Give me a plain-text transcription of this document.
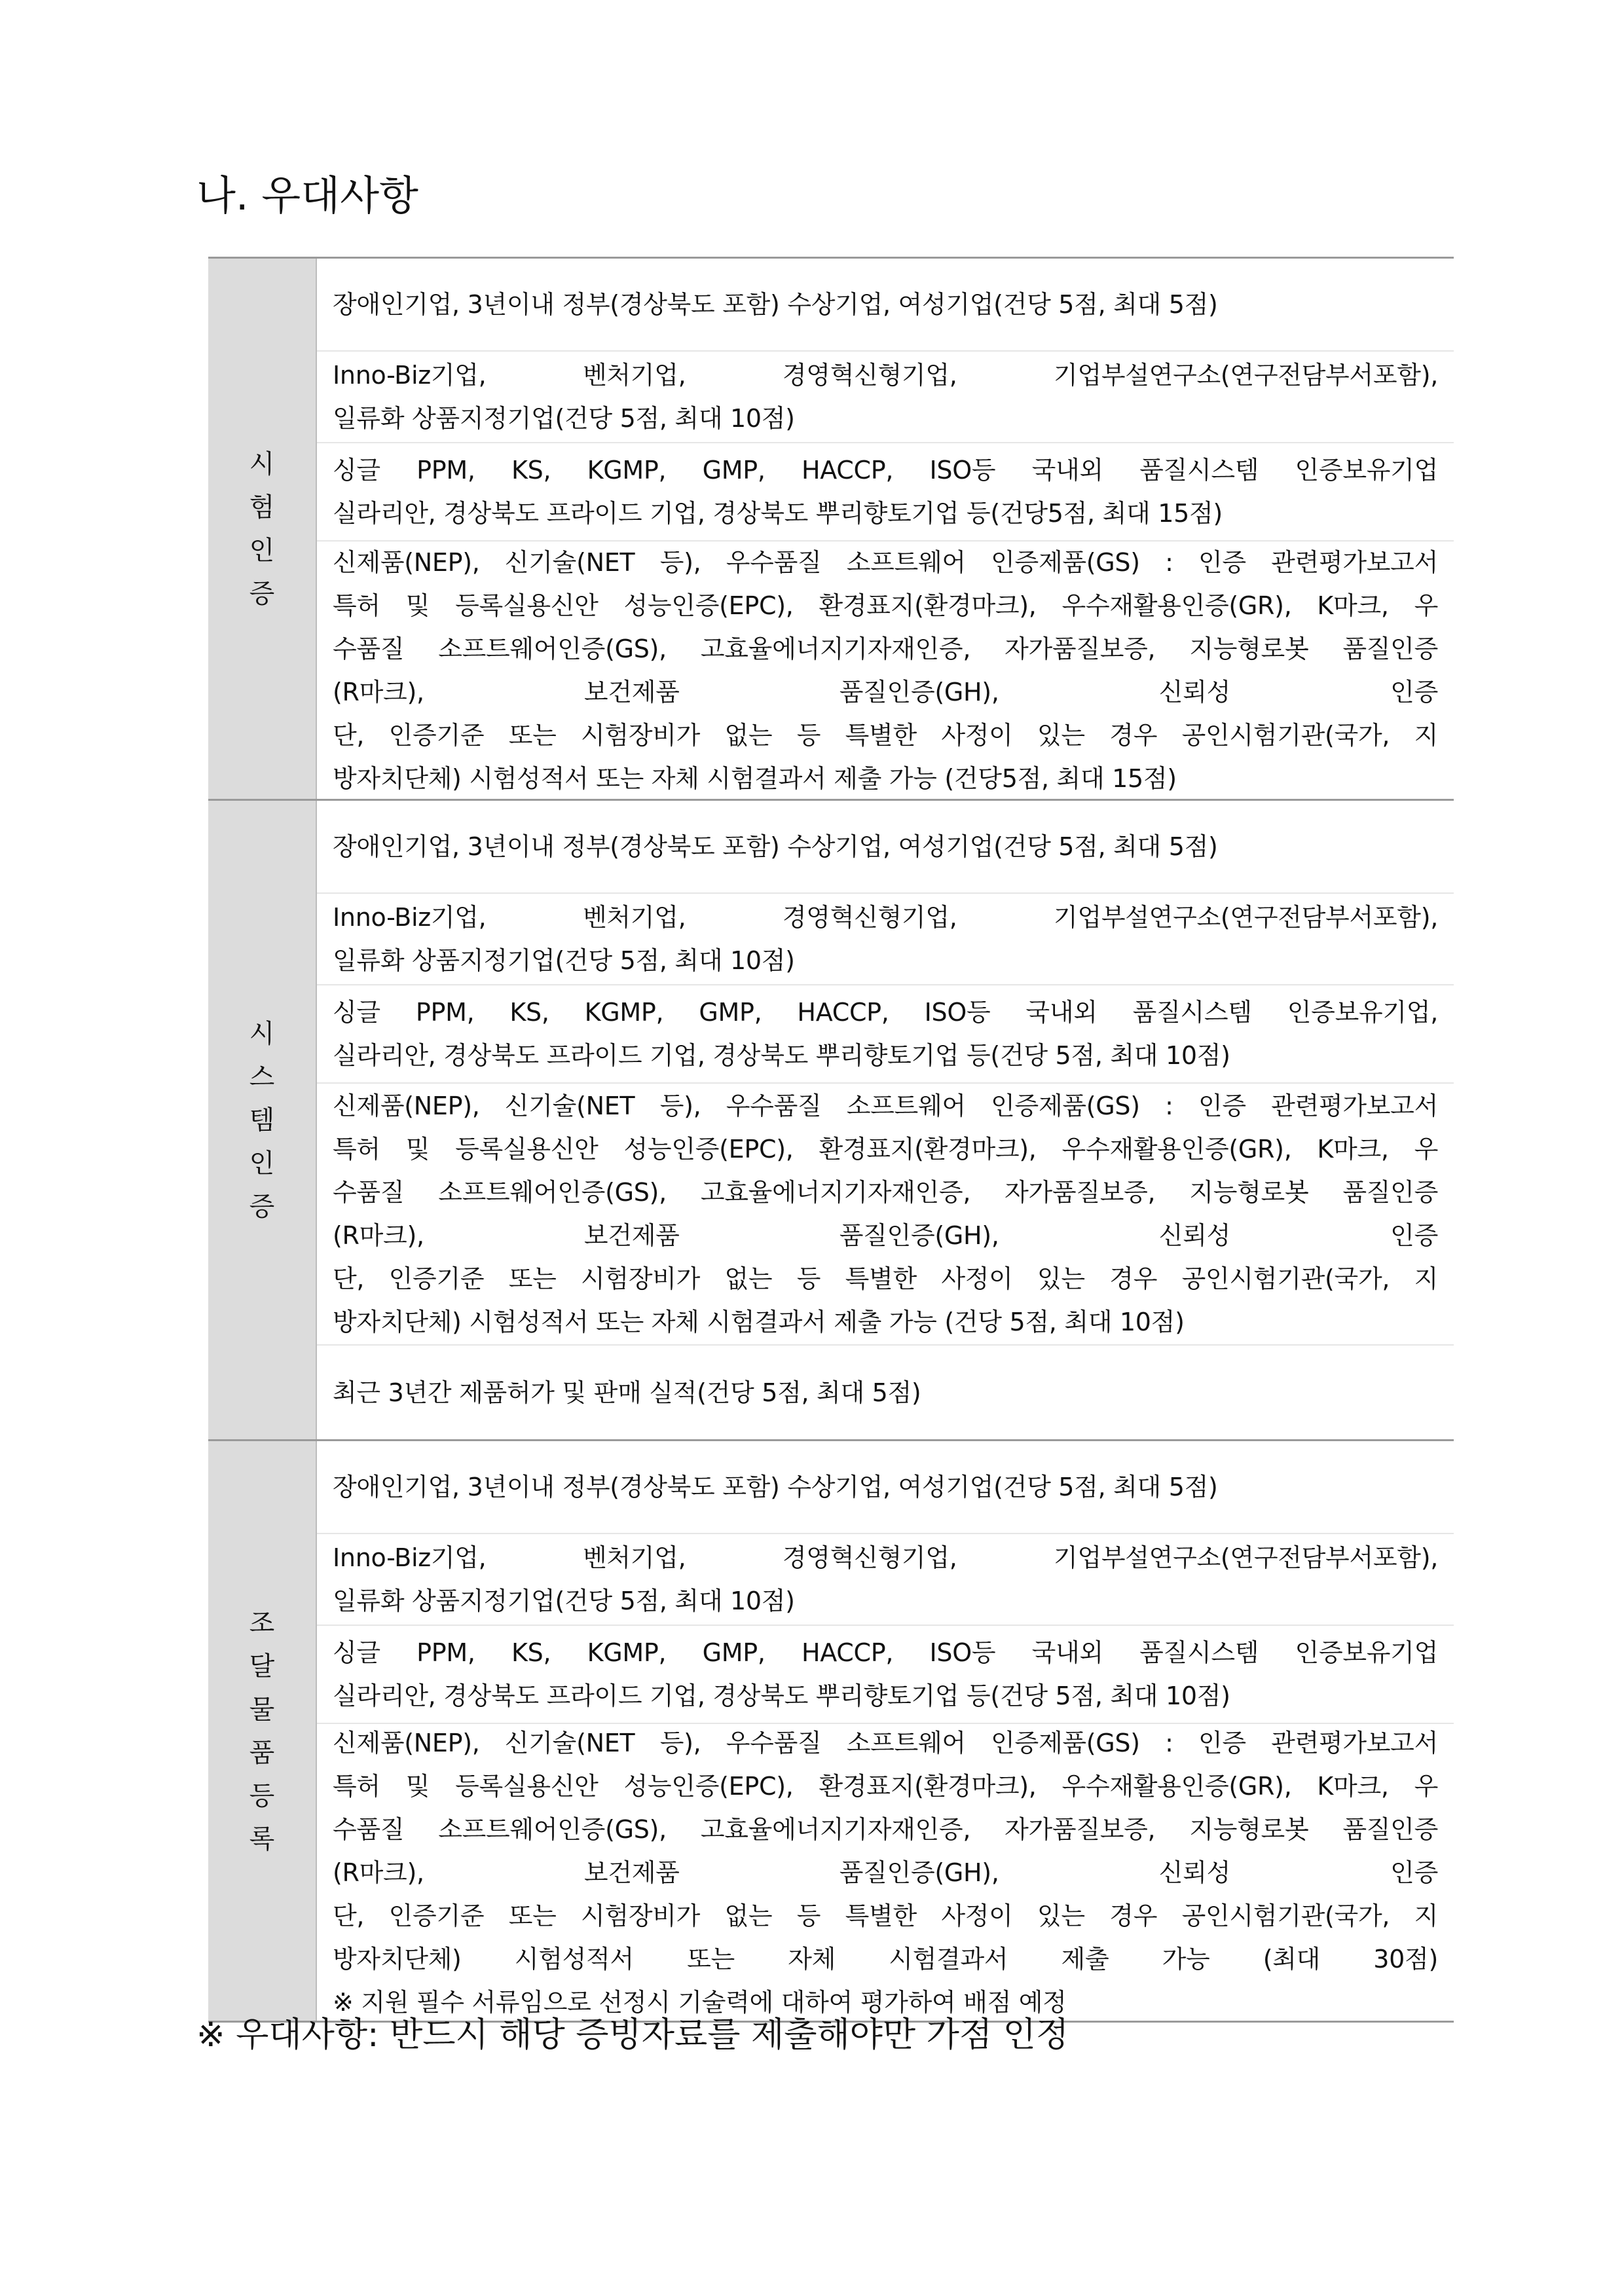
나. 우대사항
시험인증
장애인기업, 3년이내 정부(경상북도 포함) 수상기업, 여성기업(건당 5점, 최대 5점)
Inno-Biz기업, 벤처기업, 경영혁신형기업, 기업부설연구소(연구전담부서포함),
일류화 상품지정기업(건당 5점, 최대 10점)
싱글 PPM, KS, KGMP, GMP, HACCP, ISO등 국내외 품질시스템 인증보유기업
실라리안, 경상북도 프라이드 기업, 경상북도 뿌리향토기업 등(건당5점, 최대 15점)
신제품(NEP), 신기술(NET 등), 우수품질 소프트웨어 인증제품(GS) : 인증 관련평가보고서
특허 및 등록실용신안 성능인증(EPC), 환경표지(환경마크), 우수재활용인증(GR), K마크, 우
수품질 소프트웨어인증(GS), 고효율에너지기자재인증, 자가품질보증, 지능형로봇 품질인증
(R마크), 보건제품 품질인증(GH), 신뢰성 인증
단, 인증기준 또는 시험장비가 없는 등 특별한 사정이 있는 경우 공인시험기관(국가, 지
방자치단체) 시험성적서 또는 자체 시험결과서 제출 가능 (건당5점, 최대 15점)
시스템인증
장애인기업, 3년이내 정부(경상북도 포함) 수상기업, 여성기업(건당 5점, 최대 5점)
Inno-Biz기업, 벤처기업, 경영혁신형기업, 기업부설연구소(연구전담부서포함),
일류화 상품지정기업(건당 5점, 최대 10점)
싱글 PPM, KS, KGMP, GMP, HACCP, ISO등 국내외 품질시스템 인증보유기업,
실라리안, 경상북도 프라이드 기업, 경상북도 뿌리향토기업 등(건당 5점, 최대 10점)
신제품(NEP), 신기술(NET 등), 우수품질 소프트웨어 인증제품(GS) : 인증 관련평가보고서
특허 및 등록실용신안 성능인증(EPC), 환경표지(환경마크), 우수재활용인증(GR), K마크, 우
수품질 소프트웨어인증(GS), 고효율에너지기자재인증, 자가품질보증, 지능형로봇 품질인증
(R마크), 보건제품 품질인증(GH), 신뢰성 인증
단, 인증기준 또는 시험장비가 없는 등 특별한 사정이 있는 경우 공인시험기관(국가, 지
방자치단체) 시험성적서 또는 자체 시험결과서 제출 가능 (건당 5점, 최대 10점)
최근 3년간 제품허가 및 판매 실적(건당 5점, 최대 5점)
조달물품등록
장애인기업, 3년이내 정부(경상북도 포함) 수상기업, 여성기업(건당 5점, 최대 5점)
Inno-Biz기업, 벤처기업, 경영혁신형기업, 기업부설연구소(연구전담부서포함),
일류화 상품지정기업(건당 5점, 최대 10점)
싱글 PPM, KS, KGMP, GMP, HACCP, ISO등 국내외 품질시스템 인증보유기업
실라리안, 경상북도 프라이드 기업, 경상북도 뿌리향토기업 등(건당 5점, 최대 10점)
신제품(NEP), 신기술(NET 등), 우수품질 소프트웨어 인증제품(GS) : 인증 관련평가보고서
특허 및 등록실용신안 성능인증(EPC), 환경표지(환경마크), 우수재활용인증(GR), K마크, 우
수품질 소프트웨어인증(GS), 고효율에너지기자재인증, 자가품질보증, 지능형로봇 품질인증
(R마크), 보건제품 품질인증(GH), 신뢰성 인증
단, 인증기준 또는 시험장비가 없는 등 특별한 사정이 있는 경우 공인시험기관(국가, 지
방자치단체) 시험성적서 또는 자체 시험결과서 제출 가능 (최대 30점)
※ 지원 필수 서류임으로 선정시 기술력에 대하여 평가하여 배점 예정
※ 우대사항: 반드시 해당 증빙자료를 제출해야만 가점 인정
